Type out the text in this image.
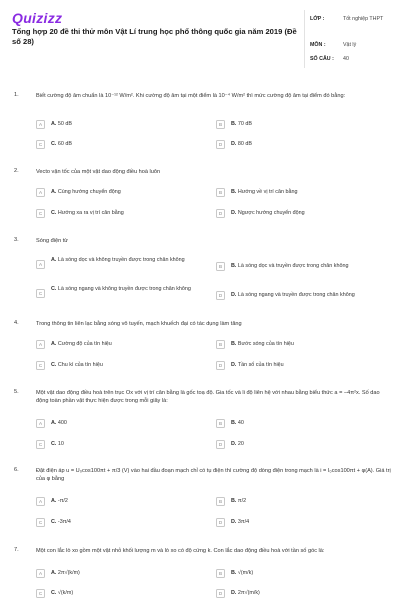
Quizizz
Tổng hợp 20 đề thi thử môn Vật Lí trung học phổ thông quốc gia năm 2019 (Đề số 28)
LỚP :	Tốt nghiệp THPT
MÔN :	Vật lý
SỐ CÂU : 40
1.	Biết cường độ âm chuẩn là 10⁻¹² W/m². Khi cường độ âm tại một điểm là 10⁻⁴ W/m² thì mức cường độ âm tại điểm đó bằng:
A	A. 50 dB	B	B. 70 dB
C	C. 60 dB	D	D. 80 dB
2.	Vecto vận tốc của một vật dao động điều hoà luôn
A	A. Cùng hướng chuyển động	B	B. Hướng về vị trí cân bằng
C	C. Hướng xa ra vị trí cân bằng	D	D. Ngược hướng chuyển động
3.	Sóng điện từ
A
A. Là sóng dọc và không truyền được trong chân không
B	B. Là sóng dọc và truyền được trong chân không
C
C. Là sóng ngang và không truyền được trong chân không
D	D. Là sóng ngang và truyền được trong chân không
4.	Trong thông tin liên lạc bằng sóng vô tuyến, mạch khuếch đại có tác dụng làm tăng
A	A. Cường độ của tín hiệu	B	B. Bước sóng của tín hiệu
C	C. Chu kì của tín hiệu	D	D. Tần số của tín hiệu
5.	Một vật dao động điều hoà trên trục Ox với vị trí cân bằng là gốc toạ độ. Gia tốc và li độ liên hệ với nhau bằng biểu thức a = −4π²x. Số dao động toàn phần vật thực hiện được trong mỗi giây là:
A	A. 400	B	B. 40
C	C. 10	D	D. 20
6.	Đặt điện áp u = U₀cos100πt + π/3 (V) vào hai đầu đoạn mạch chỉ có tụ điện thì cường độ dòng điện trong mạch là i = I₀cos100πt + φ(A). Giá trị của φ bằng
A	A. -π/2	B	B. π/2
C	C. -3π/4	D	D. 3π/4
7.	Một con lắc lò xo gồm một vật nhỏ khối lượng m và lò xo có độ cứng k. Con lắc dao động điều hoà với tần số góc là:
A	A. 2π√(k/m)	B	B. √(m/k)
C	C. √(k/m)	D	D. 2π√(m/k)
